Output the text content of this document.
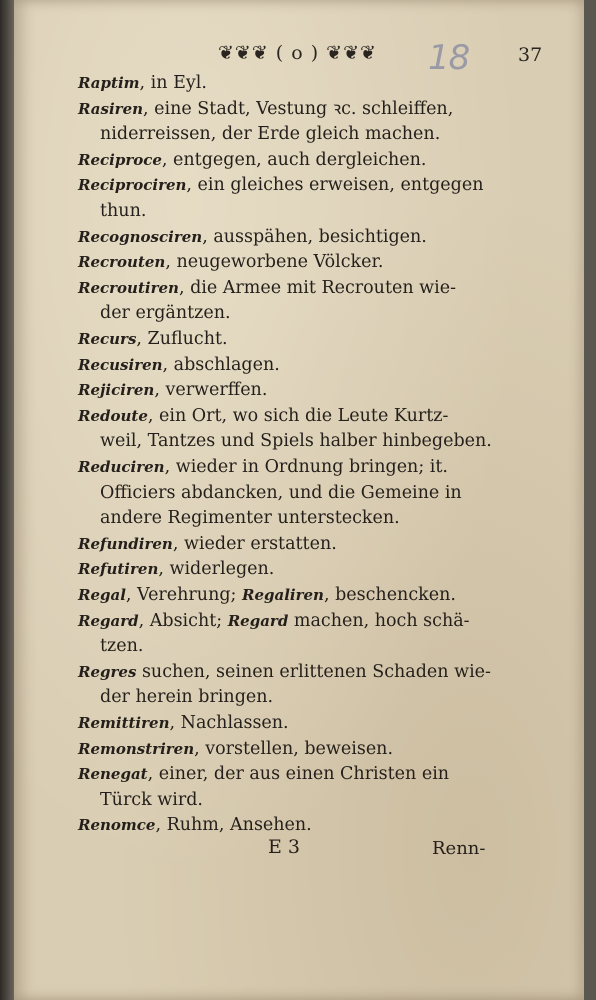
❦❦❦ ( o ) ❦❦❦	18	37
Raptim, in Eyl.
Rasiren, eine Stadt, Vestung ꝛc. schleiffen,
niderreissen, der Erde gleich machen.
Reciproce, entgegen, auch dergleichen.
Reciprociren, ein gleiches erweisen, entgegen
thun.
Recognosciren, ausspähen, besichtigen.
Recrouten, neugeworbene Völcker.
Recroutiren, die Armee mit Recrouten wie-
der ergäntzen.
Recurs, Zuflucht.
Recusiren, abschlagen.
Rejiciren, verwerffen.
Redoute, ein Ort, wo sich die Leute Kurtz-
weil, Tantzes und Spiels halber hinbegeben.
Reduciren, wieder in Ordnung bringen; it.
Officiers abdancken, und die Gemeine in
andere Regimenter unterstecken.
Refundiren, wieder erstatten.
Refutiren, widerlegen.
Regal, Verehrung; Regaliren, beschencken.
Regard, Absicht; Regard machen, hoch schä-
tzen.
Regres suchen, seinen erlittenen Schaden wie-
der herein bringen.
Remittiren, Nachlassen.
Remonstriren, vorstellen, beweisen.
Renegat, einer, der aus einen Christen ein
Türck wird.
Renomce, Ruhm, Ansehen.
E 3	Renn-
